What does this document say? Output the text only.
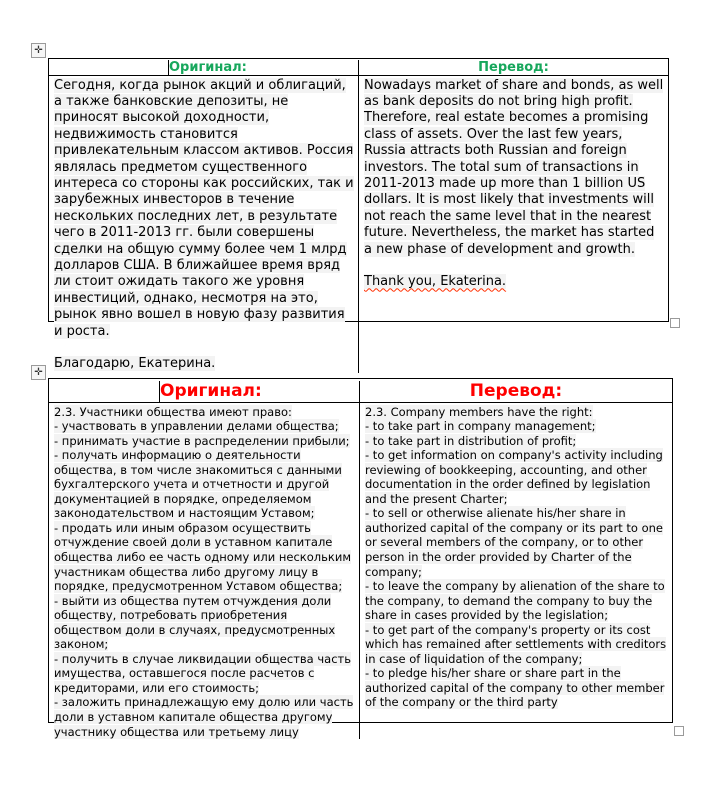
✛
Оригинал:	Перевод:
Сегодня, когда рынок акций и облигаций, а также банковские депозиты, не приносят высокой доходности, недвижимость становится привлекательным классом активов. Россия являлась предметом существенного интереса со стороны как российских, так и зарубежных инвесторов в течение нескольких последних лет, в результате чего в 2011-2013 гг. были совершены сделки на общую сумму более чем 1 млрд долларов США. В ближайшее время вряд ли стоит ожидать такого же уровня инвестиций, однако, несмотря на это, рынок явно вошел в новую фазу развития и роста.
Благодарю, Екатерина.
Nowadays market of share and bonds, as well as bank deposits do not bring high profit. Therefore, real estate becomes a promising class of assets. Over the last few years, Russia attracts both Russian and foreign investors. The total sum of transactions in 2011-2013 made up more than 1 billion US dollars. It is most likely that investments will not reach the same level that in the nearest future. Nevertheless, the market has started a new phase of development and growth.
Thank you, Ekaterina.
✛
Оригинал:	Перевод:
2.3. Участники общества имеют право:
- участвовать в управлении делами общества;
- принимать участие в распределении прибыли;
- получать информацию о деятельности общества, в том числе знакомиться с данными бухгалтерского учета и отчетности и другой документацией в порядке, определяемом законодательством и настоящим Уставом;
- продать или иным образом осуществить отчуждение своей доли в уставном капитале общества либо ее часть одному или нескольким участникам общества либо другому лицу в порядке, предусмотренном Уставом общества;
- выйти из общества путем отчуждения доли обществу, потребовать приобретения обществом доли в случаях, предусмотренных законом;
- получить в случае ликвидации общества часть имущества, оставшегося после расчетов с кредиторами, или его стоимость;
- заложить принадлежащую ему долю или часть доли в уставном капитале общества другому участнику общества или третьему лицу
2.3. Company members have the right:
- to take part in company management;
- to take part in distribution of profit;
- to get information on company's activity including reviewing of bookkeeping, accounting, and other documentation in the order defined by legislation and the present Charter;
- to sell or otherwise alienate his/her share in authorized capital of the company or its part to one or several members of the company, or to other person in the order provided by Charter of the company;
- to leave the company by alienation of the share to the company, to demand the company to buy the share in cases provided by the legislation;
- to get part of the company's property or its cost which has remained after settlements with creditors in case of liquidation of the company;
- to pledge his/her share or share part in the authorized capital of the company to other member of the company or the third party
